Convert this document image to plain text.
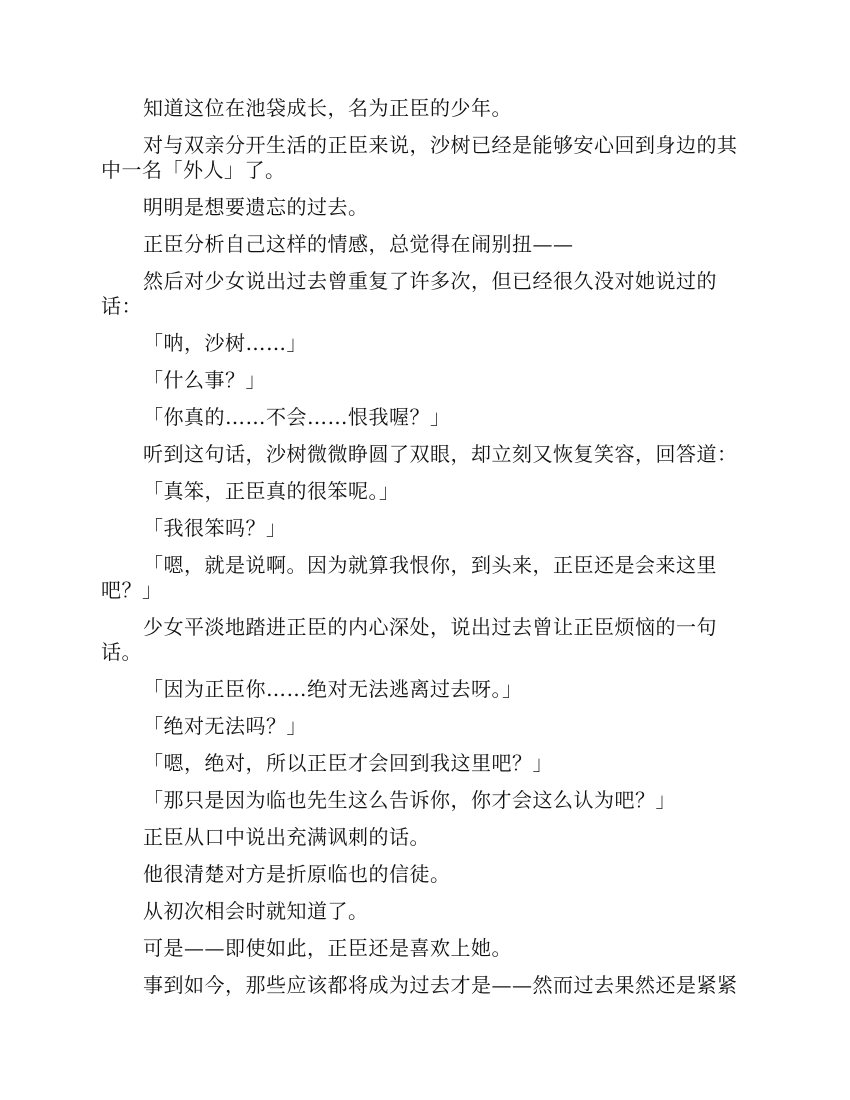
知道这位在池袋成长，名为正臣的少年。

对与双亲分开生活的正臣来说，沙树已经是能够安心回到身边的其中一名「外人」了。

明明是想要遗忘的过去。

正臣分析自己这样的情感，总觉得在闹别扭——

然后对少女说出过去曾重复了许多次，但已经很久没对她说过的话：

「呐，沙树……」

「什么事？」

「你真的……不会……恨我喔？」

听到这句话，沙树微微睁圆了双眼，却立刻又恢复笑容，回答道：

「真笨，正臣真的很笨呢。」

「我很笨吗？」

「嗯，就是说啊。因为就算我恨你，到头来，正臣还是会来这里吧？」

少女平淡地踏进正臣的内心深处，说出过去曾让正臣烦恼的一句话。

「因为正臣你……绝对无法逃离过去呀。」

「绝对无法吗？」

「嗯，绝对，所以正臣才会回到我这里吧？」

「那只是因为临也先生这么告诉你，你才会这么认为吧？」

正臣从口中说出充满讽刺的话。

他很清楚对方是折原临也的信徒。

从初次相会时就知道了。

可是——即使如此，正臣还是喜欢上她。

事到如今，那些应该都将成为过去才是——然而过去果然还是紧紧
